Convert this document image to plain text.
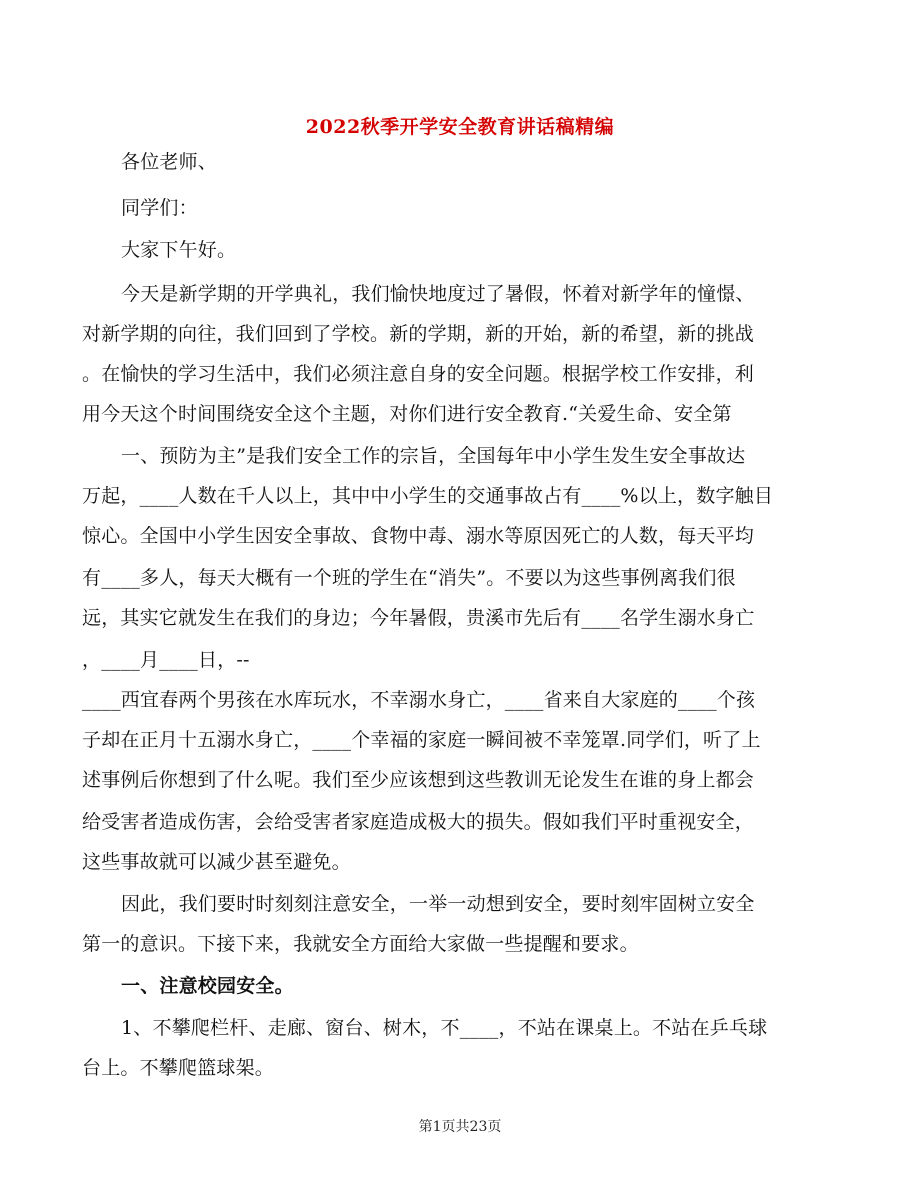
2022秋季开学安全教育讲话稿精编
各位老师、
同学们：
大家下午好。
今天是新学期的开学典礼，我们愉快地度过了暑假，怀着对新学年的憧憬、
对新学期的向往，我们回到了学校。新的学期，新的开始，新的希望，新的挑战
。在愉快的学习生活中，我们必须注意自身的安全问题。根据学校工作安排，利
用今天这个时间围绕安全这个主题，对你们进行安全教育.“关爱生命、安全第
一、预防为主”是我们安全工作的宗旨，全国每年中小学生发生安全事故达
万起，____人数在千人以上，其中中小学生的交通事故占有____%以上，数字触目
惊心。全国中小学生因安全事故、食物中毒、溺水等原因死亡的人数，每天平均
有____多人，每天大概有一个班的学生在“消失”。不要以为这些事例离我们很
远，其实它就发生在我们的身边；今年暑假，贵溪市先后有____名学生溺水身亡
，____月____日，--
____西宜春两个男孩在水库玩水，不幸溺水身亡，____省来自大家庭的____个孩
子却在正月十五溺水身亡，____个幸福的家庭一瞬间被不幸笼罩.同学们，听了上
述事例后你想到了什么呢。我们至少应该想到这些教训无论发生在谁的身上都会
给受害者造成伤害，会给受害者家庭造成极大的损失。假如我们平时重视安全，
这些事故就可以减少甚至避免。
因此，我们要时时刻刻注意安全，一举一动想到安全，要时刻牢固树立安全
第一的意识。下接下来，我就安全方面给大家做一些提醒和要求。
一、注意校园安全。
1、不攀爬栏杆、走廊、窗台、树木，不____，不站在课桌上。不站在乒乓球
台上。不攀爬篮球架。
第1页共23页
